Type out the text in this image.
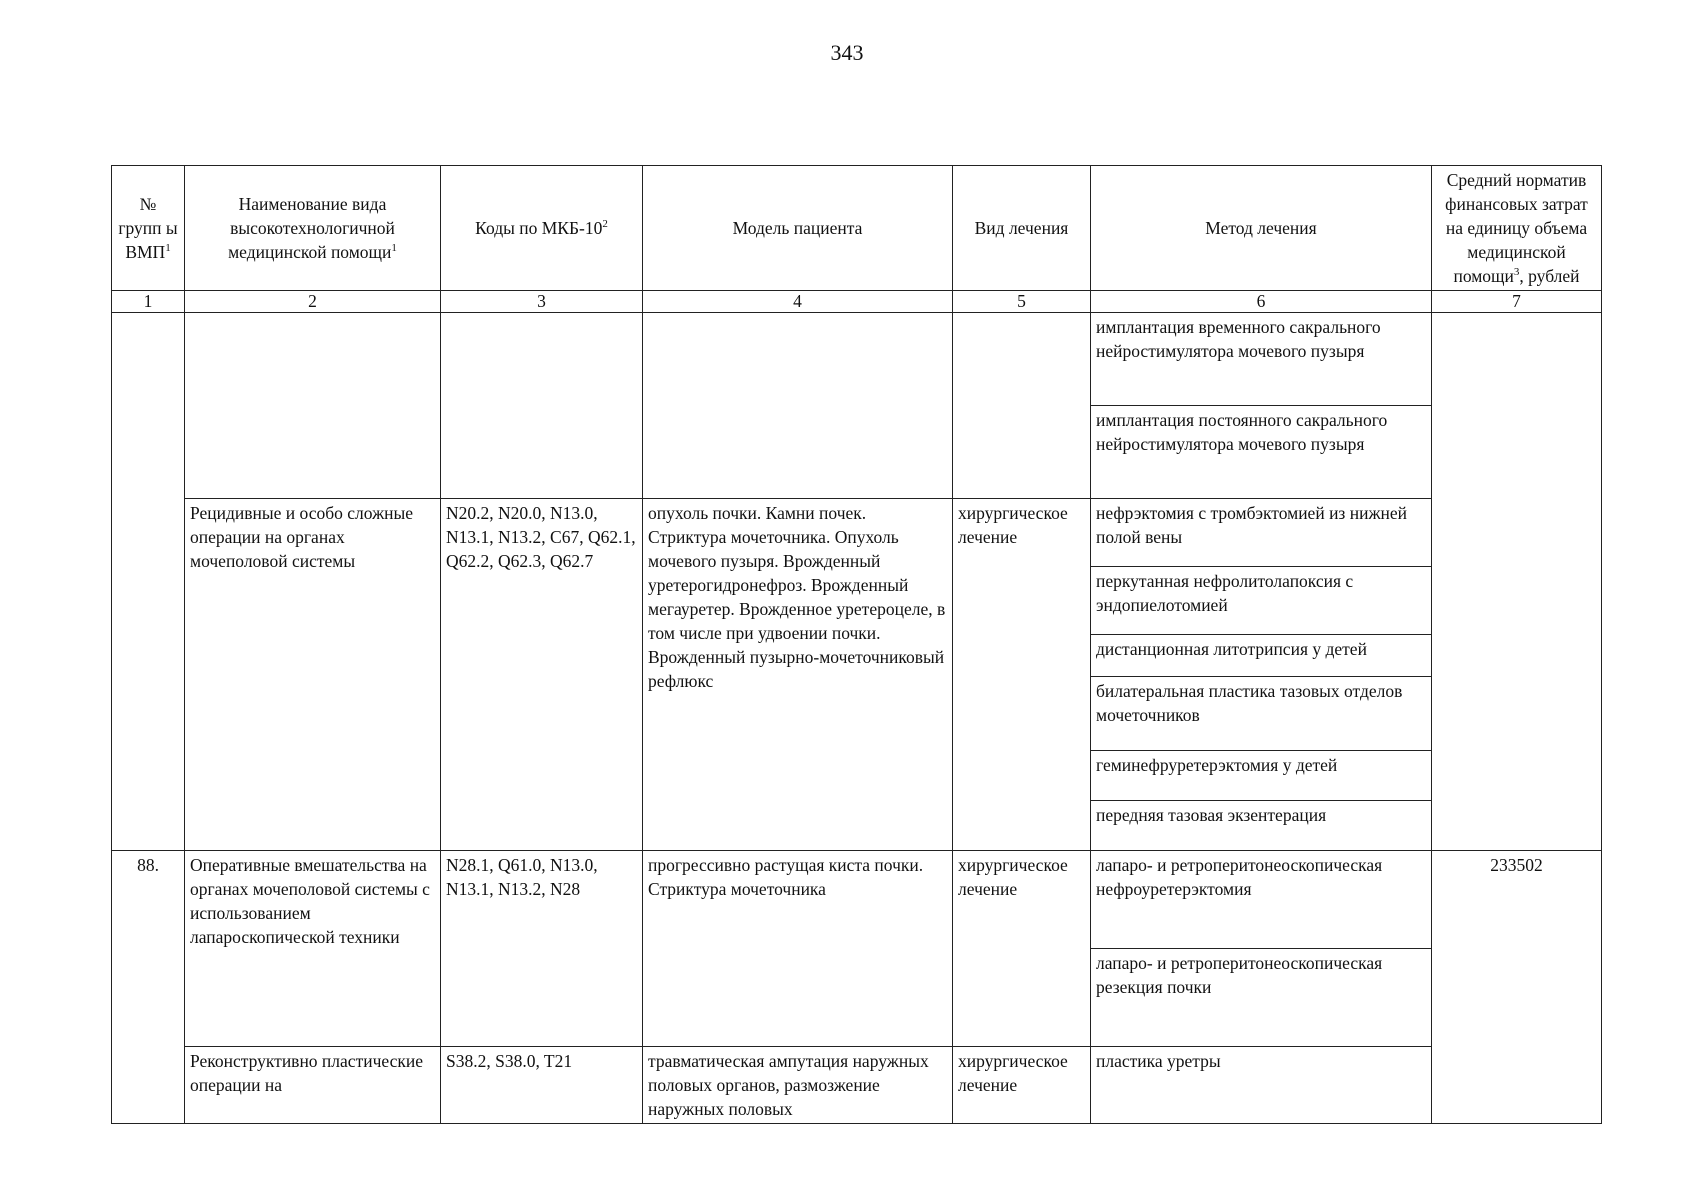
343
№ групп ы ВМП$^1$	Наименование вида высокотехнологичной медицинской помощи$^1$	Коды по МКБ-$10^2$	Модель пациента	Вид лечения	Метод лечения	Средний норматив финансовых затрат на единицу объема медицинской помощи$^3$, рублей
1	2	3	4	5	6	7
					имплантация временного сакрального нейростимулятора мочевого пузыря	
					имплантация постоянного сакрального нейростимулятора мочевого пузыря	
	Рецидивные и особо сложные операции на органах мочеполовой системы	N20.2, N20.0, N13.0, N13.1, N13.2, C67, Q62.1, Q62.2, Q62.3, Q62.7	опухоль почки. Камни почек. Стриктура мочеточника. Опухоль мочевого пузыря. Врожденный уретерогидронефроз. Врожденный мегауретер. Врожденное уретероцеле, в том числе при удвоении почки. Врожденный пузырно-мочеточниковый рефлюкс	хирургическое лечение	нефрэктомия с тромбэктомией из нижней полой вены	
					перкутанная нефролитолапоксия с эндопиелотомией	
					дистанционная литотрипсия у детей	
					билатеральная пластика тазовых отделов мочеточников	
					геминефруретерэктомия у детей	
					передняя тазовая экзентерация	
88.	Оперативные вмешательства на органах мочеполовой системы с использованием лапароскопической техники	N28.1, Q61.0, N13.0, N13.1, N13.2, N28	прогрессивно растущая киста почки. Стриктура мочеточника	хирургическое лечение	лапаро- и ретроперитонеоскопическая нефроуретерэктомия	233502
					лапаро- и ретроперитонеоскопическая резекция почки	
	Реконструктивно пластические операции на	S38.2, S38.0, T21	травматическая ампутация наружных половых органов, размозжение наружных половых	хирургическое лечение	пластика уретры	
